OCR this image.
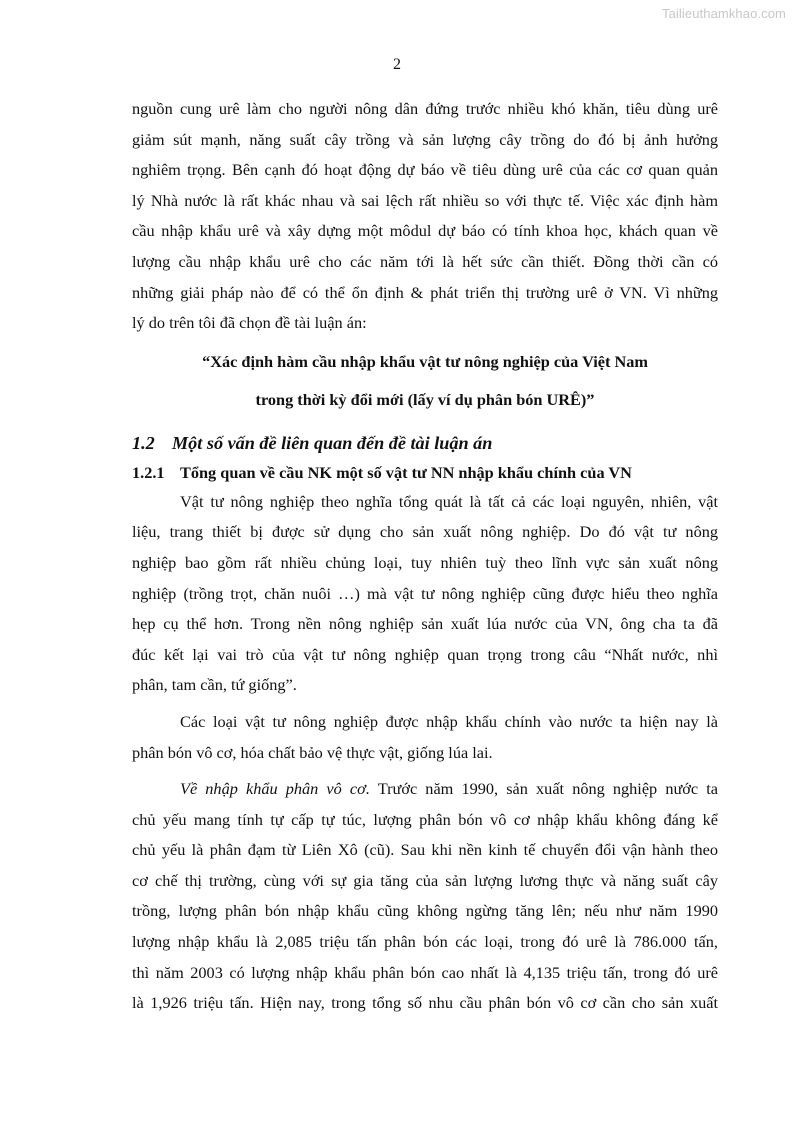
Tailieuthamkhao.com
2
nguồn cung urê làm cho người nông dân đứng trước nhiều khó khăn, tiêu dùng urê
giảm sút mạnh, năng suất cây trồng và sản lượng cây trồng do đó bị ảnh hưởng
nghiêm trọng. Bên cạnh đó hoạt động dự báo về tiêu dùng urê của các cơ quan quản
lý Nhà nước là rất khác nhau và sai lệch rất nhiều so với thực tế. Việc xác định hàm
cầu nhập khẩu urê và xây dựng một môdul dự báo có tính khoa học, khách quan về
lượng cầu nhập khẩu urê cho các năm tới là hết sức cần thiết. Đồng thời cần có
những giải pháp nào để có thể ổn định & phát triển thị trường urê ở VN. Vì những
lý do trên tôi đã chọn đề tài luận án:
“Xác định hàm cầu nhập khẩu vật tư nông nghiệp của Việt Nam
trong thời kỳ đổi mới (lấy ví dụ phân bón URÊ)”
1.2 Một số vấn đề liên quan đến đề tài luận án
1.2.1 Tổng quan về cầu NK một số vật tư NN nhập khẩu chính của VN
Vật tư nông nghiệp theo nghĩa tổng quát là tất cả các loại nguyên, nhiên, vật
liệu, trang thiết bị được sử dụng cho sản xuất nông nghiệp. Do đó vật tư nông
nghiệp bao gồm rất nhiều chủng loại, tuy nhiên tuỳ theo lĩnh vực sản xuất nông
nghiệp (trồng trọt, chăn nuôi …) mà vật tư nông nghiệp cũng được hiểu theo nghĩa
hẹp cụ thể hơn. Trong nền nông nghiệp sản xuất lúa nước của VN, ông cha ta đã
đúc kết lại vai trò của vật tư nông nghiệp quan trọng trong câu “Nhất nước, nhì
phân, tam cần, tứ giống”.
Các loại vật tư nông nghiệp được nhập khẩu chính vào nước ta hiện nay là
phân bón vô cơ, hóa chất bảo vệ thực vật, giống lúa lai.
Về nhập khẩu phân vô cơ. Trước năm 1990, sản xuất nông nghiệp nước ta
chủ yếu mang tính tự cấp tự túc, lượng phân bón vô cơ nhập khẩu không đáng kể
chủ yếu là phân đạm từ Liên Xô (cũ). Sau khi nền kinh tế chuyển đổi vận hành theo
cơ chế thị trường, cùng với sự gia tăng của sản lượng lương thực và năng suất cây
trồng, lượng phân bón nhập khẩu cũng không ngừng tăng lên; nếu như năm 1990
lượng nhập khẩu là 2,085 triệu tấn phân bón các loại, trong đó urê là 786.000 tấn,
thì năm 2003 có lượng nhập khẩu phân bón cao nhất là 4,135 triệu tấn, trong đó urê
là 1,926 triệu tấn. Hiện nay, trong tổng số nhu cầu phân bón vô cơ cần cho sản xuất
